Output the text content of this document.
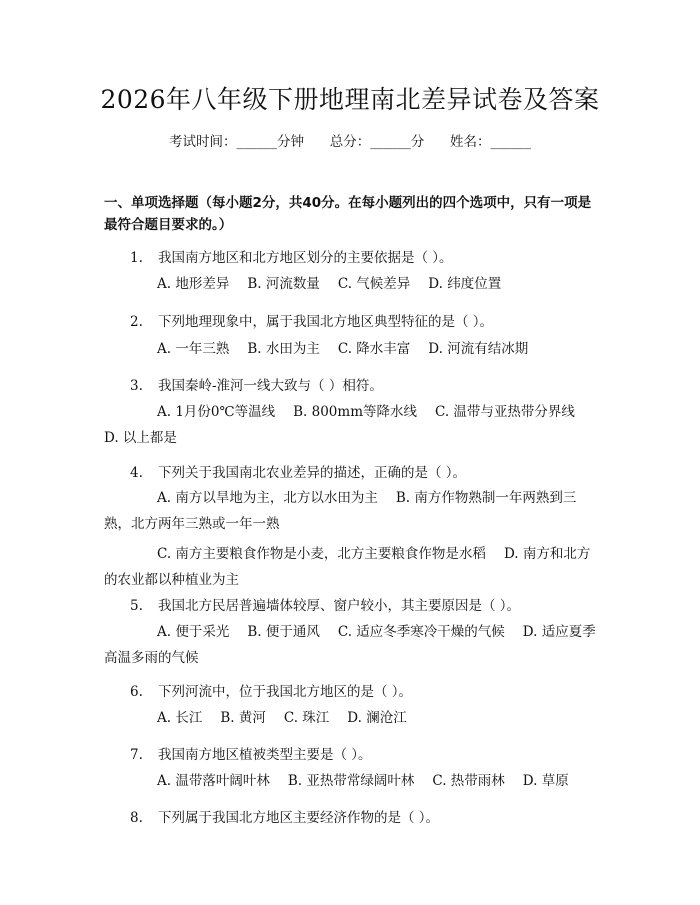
2026年八年级下册地理南北差异试卷及答案
考试时间：______分钟 总分：______分 姓名：______
一、单项选择题（每小题2分，共40分。在每小题列出的四个选项中，只有一项是最符合题目要求的。）
1. 我国南方地区和北方地区划分的主要依据是（ ）。
A. 地形差异 B. 河流数量 C. 气候差异 D. 纬度位置
2. 下列地理现象中，属于我国北方地区典型特征的是（ ）。
A. 一年三熟 B. 水田为主 C. 降水丰富 D. 河流有结冰期
3. 我国秦岭-淮河一线大致与（ ）相符。
A. 1月份0℃等温线 B. 800mm等降水线 C. 温带与亚热带分界线D. 以上都是
4. 下列关于我国南北农业差异的描述，正确的是（ ）。
A. 南方以旱地为主，北方以水田为主 B. 南方作物熟制一年两熟到三熟，北方两年三熟或一年一熟
C. 南方主要粮食作物是小麦，北方主要粮食作物是水稻 D. 南方和北方的农业都以种植业为主
5. 我国北方民居普遍墙体较厚、窗户较小，其主要原因是（ ）。
A. 便于采光 B. 便于通风 C. 适应冬季寒冷干燥的气候 D. 适应夏季高温多雨的气候
6. 下列河流中，位于我国北方地区的是（ ）。
A. 长江 B. 黄河 C. 珠江 D. 澜沧江
7. 我国南方地区植被类型主要是（ ）。
A. 温带落叶阔叶林 B. 亚热带常绿阔叶林 C. 热带雨林 D. 草原
8. 下列属于我国北方地区主要经济作物的是（ ）。
